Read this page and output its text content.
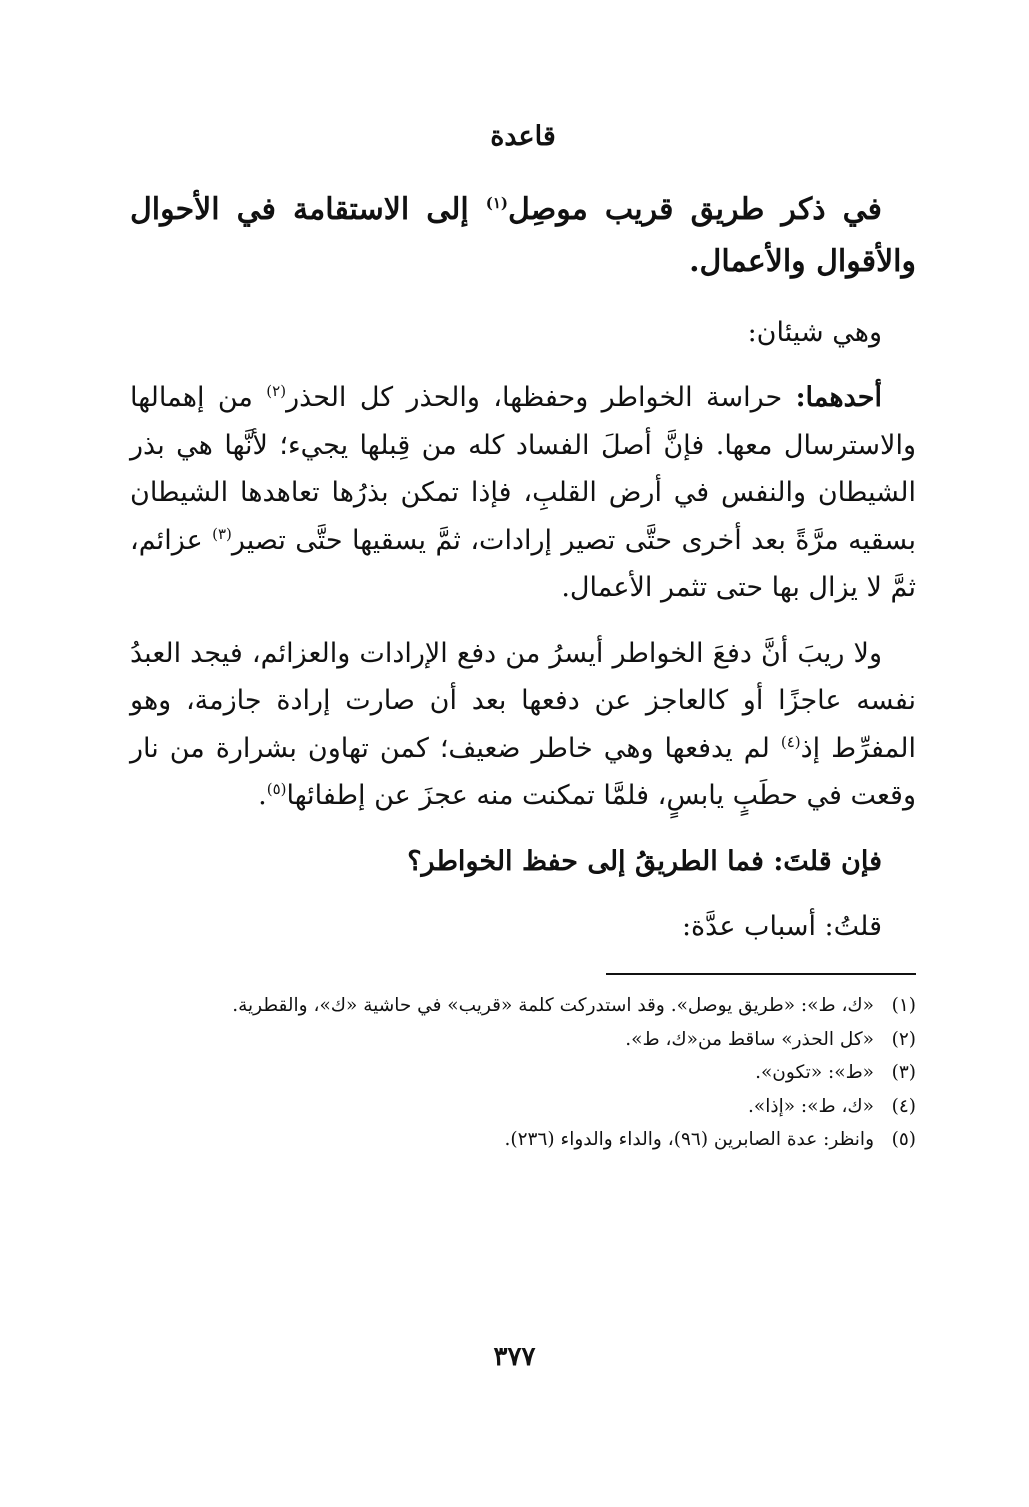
قاعدة

في ذكر طريق قريب موصِل$^{(١)}$ إلى الاستقامة في الأحوال والأقوال والأعمال.

وهي شيئان:

أحدهما: حراسة الخواطر وحفظها، والحذر كل الحذر$^{(٢)}$ من إهمالها والاسترسال معها. فإنَّ أصلَ الفساد كله من قِبلها يجيء؛ لأنَّها هي بذر الشيطان والنفس في أرض القلبِ، فإذا تمكن بذرُها تعاهدها الشيطان بسقيه مرَّةً بعد أخرى حتَّى تصير إرادات، ثمَّ يسقيها حتَّى تصير$^{(٣)}$ عزائم، ثمَّ لا يزال بها حتى تثمر الأعمال.

ولا ريبَ أنَّ دفعَ الخواطر أيسرُ من دفع الإرادات والعزائم، فيجد العبدُ نفسه عاجزًا أو كالعاجز عن دفعها بعد أن صارت إرادة جازمة، وهو المفرِّط إذ$^{(٤)}$ لم يدفعها وهي خاطر ضعيف؛ كمن تهاون بشرارة من نار وقعت في حطَبٍ يابسٍ، فلمَّا تمكنت منه عجزَ عن إطفائها$^{(٥)}$.

فإن قلتَ: فما الطريقُ إلى حفظ الخواطر؟

قلتُ: أسباب عدَّة:

(١)
«ك، ط»: «طريق يوصل». وقد استدركت كلمة «قريب» في حاشية «ك»، والقطرية.
(٢)
«كل الحذر» ساقط من«ك، ط».
(٣)
«ط»: «تكون».
(٤)
«ك، ط»: «إذا».
(٥)
وانظر: عدة الصابرين (٩٦)، والداء والدواء (٢٣٦).
٣٧٧
